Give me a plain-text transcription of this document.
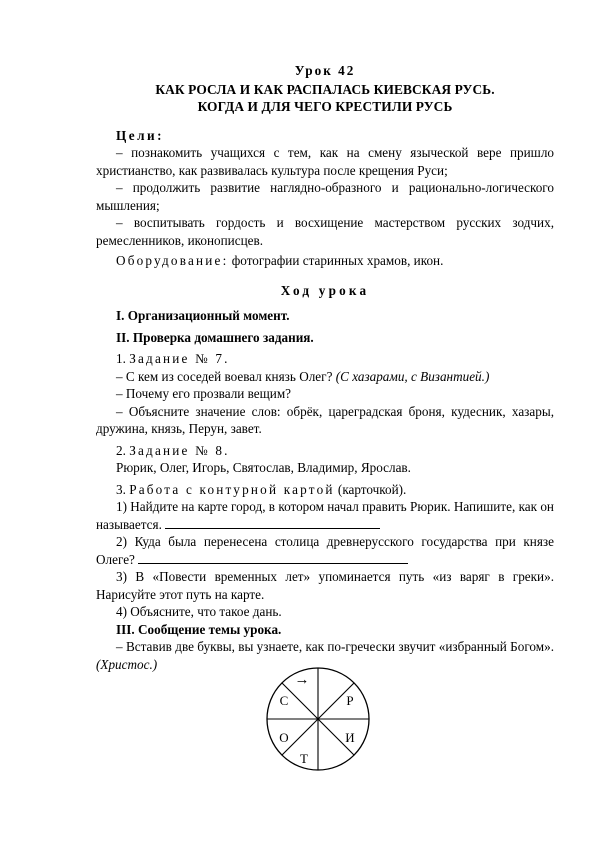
Урок 42
КАК РОСЛА И КАК РАСПАЛАСЬ КИЕВСКАЯ РУСЬ.
КОГДА И ДЛЯ ЧЕГО КРЕСТИЛИ РУСЬ

Цели:

– познакомить учащихся с тем, как на смену языческой вере пришло христианство, как развивалась культура после крещения Руси;

– продолжить развитие наглядно-образного и рационально-логического мышления;

– воспитывать гордость и восхищение мастерством русских зодчих, ремесленников, иконописцев.

Оборудование: фотографии старинных храмов, икон.

Ход урока

I. Организационный момент.

II. Проверка домашнего задания.

1. Задание № 7.

– С кем из соседей воевал князь Олег? (С хазарами, с Византией.)

– Почему его прозвали вещим?

– Объясните значение слов: обрёк, цареградская броня, кудесник, хазары, дружина, князь, Перун, завет.

2. Задание № 8.

Рюрик, Олег, Игорь, Святослав, Владимир, Ярослав.

3. Работа с контурной картой (карточкой).

1) Найдите на карте город, в котором начал править Рюрик. Напишите, как он называется.

2) Куда была перенесена столица древнерусского государства при князе Олеге?

3) В «Повести временных лет» упоминается путь «из варяг в греки». Нарисуйте этот путь на карте.

4) Объясните, что такое дань.

III. Сообщение темы урока.

– Вставив две буквы, вы узнаете, как по-гречески звучит «избранный Богом». (Христос.)

→
Р
И
Т
О
С
